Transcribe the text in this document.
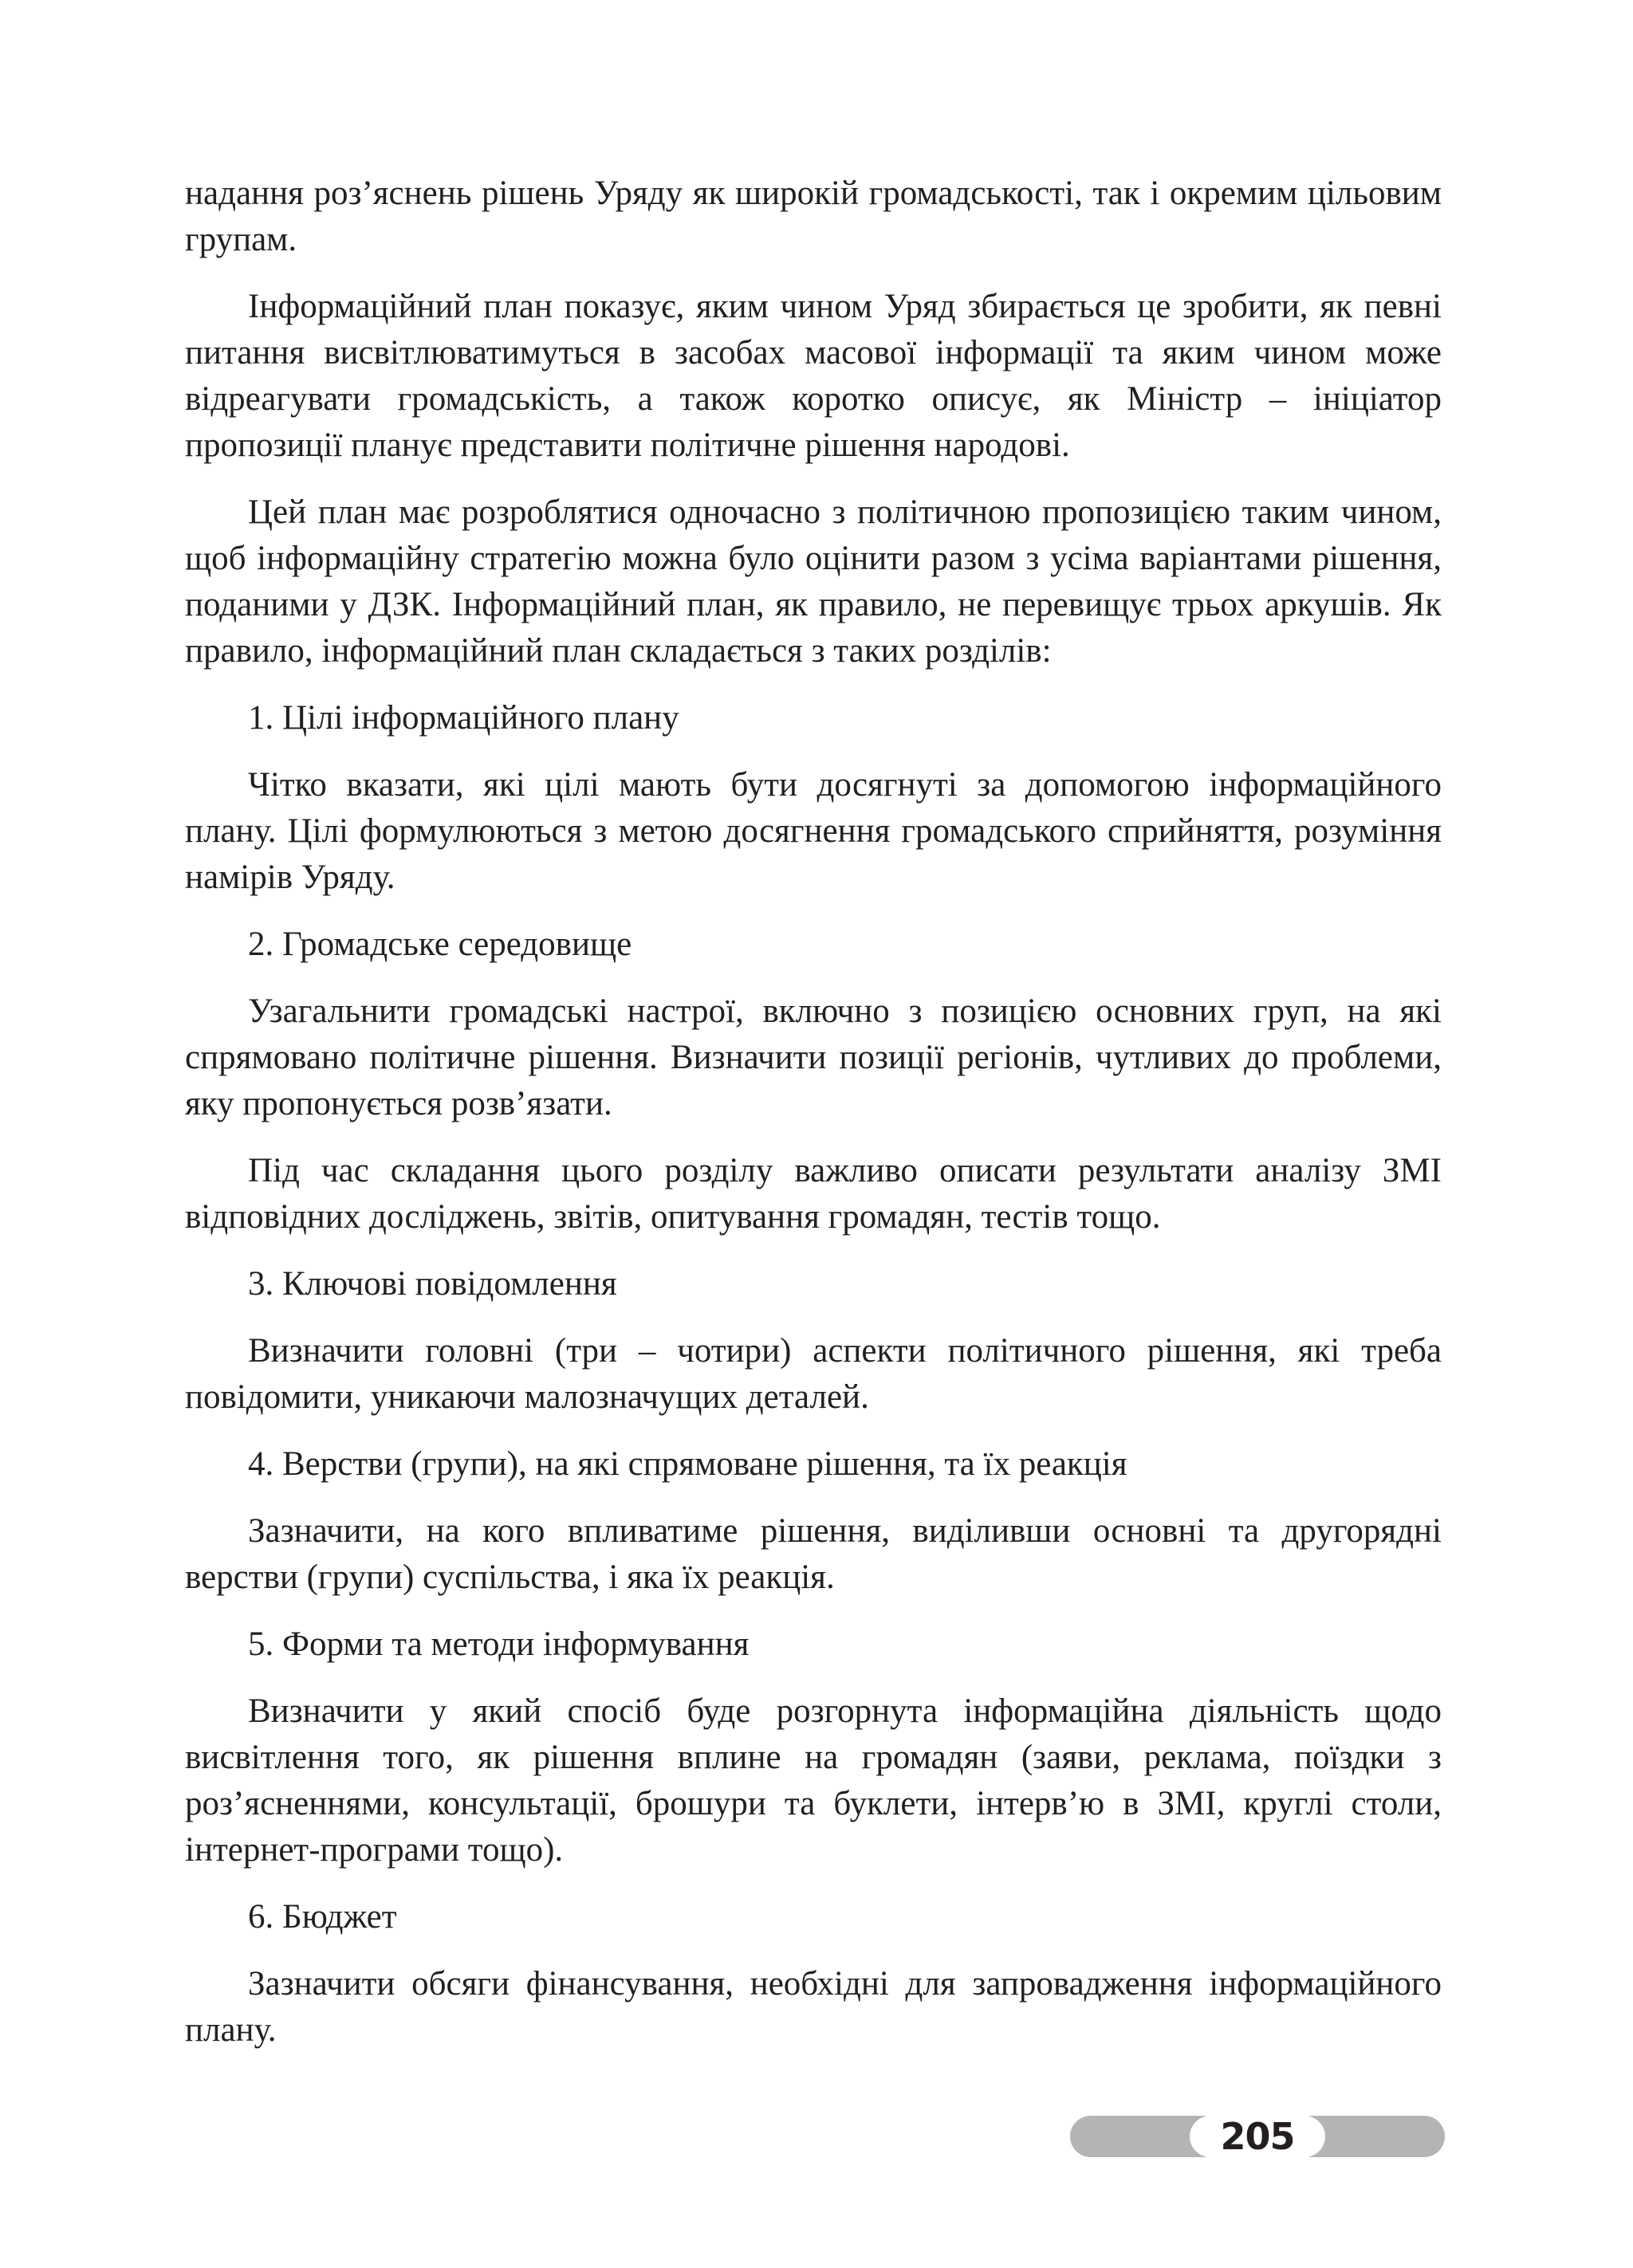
надання роз’яснень рішень Уряду як широкій громадськості, так і окремим цільовим групам.

Інформаційний план показує, яким чином Уряд збирається це зробити, як певні питання висвітлюватимуться в засобах масової інформації та яким чином може відреагувати громадськість, а також коротко описує, як Міністр – ініціатор пропозиції планує представити політичне рішення народові.

Цей план має розроблятися одночасно з політичною пропозицією таким чином, щоб інформаційну стратегію можна було оцінити разом з усіма варіантами рішення, поданими у ДЗК. Інформаційний план, як правило, не перевищує трьох аркушів. Як правило, інформаційний план складається з таких розділів:

1. Цілі інформаційного плану

Чітко вказати, які цілі мають бути досягнуті за допомогою інформаційного плану. Цілі формулюються з метою досягнення громадського сприйняття, розуміння намірів Уряду.

2. Громадське середовище

Узагальнити громадські настрої, включно з позицією основних груп, на які спрямовано політичне рішення. Визначити позиції регіонів, чутливих до проблеми, яку пропонується розв’язати.

Під час складання цього розділу важливо описати результати аналізу ЗМІ відповідних досліджень, звітів, опитування громадян, тестів тощо.

3. Ключові повідомлення

Визначити головні (три – чотири) аспекти політичного рішення, які треба повідомити, уникаючи малозначущих деталей.

4. Верстви (групи), на які спрямоване рішення, та їх реакція

Зазначити, на кого впливатиме рішення, виділивши основні та другорядні верстви (групи) суспільства, і яка їх реакція.

5. Форми та методи інформування

Визначити у який спосіб буде розгорнута інформаційна діяльність щодо висвітлення того, як рішення вплине на громадян (заяви, реклама, поїздки з роз’ясненнями, консультації, брошури та буклети, інтерв’ю в ЗМІ, круглі столи, інтернет-програми тощо).

6. Бюджет

Зазначити обсяги фінансування, необхідні для запровадження інформаційного плану.

205
